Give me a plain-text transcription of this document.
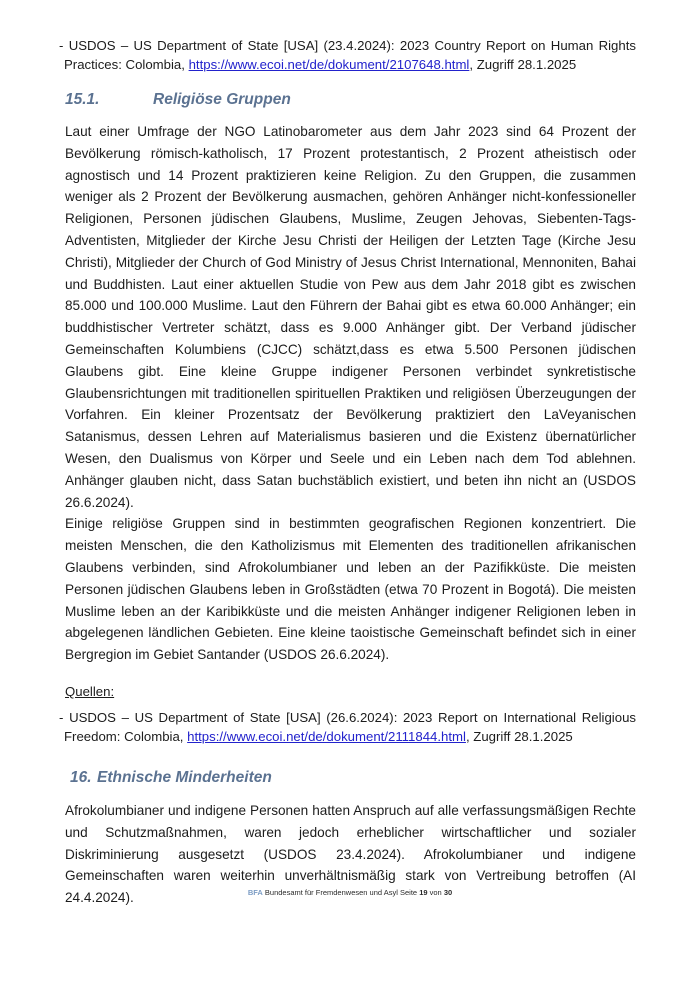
- USDOS – US Department of State [USA] (23.4.2024): 2023 Country Report on Human Rights Practices: Colombia, https://www.ecoi.net/de/dokument/2107648.html, Zugriff 28.1.2025

15.1.	Religiöse Gruppen

Laut einer Umfrage der NGO Latinobarometer aus dem Jahr 2023 sind 64 Prozent der Bevölkerung römisch-katholisch, 17 Prozent protestantisch, 2 Prozent atheistisch oder agnostisch und 14 Prozent praktizieren keine Religion. Zu den Gruppen, die zusammen weniger als 2 Prozent der Bevölkerung ausmachen, gehören Anhänger nicht-konfessioneller Religionen, Personen jüdischen Glaubens, Muslime, Zeugen Jehovas, Siebenten-Tags-Adventisten, Mitglieder der Kirche Jesu Christi der Heiligen der Letzten Tage (Kirche Jesu Christi), Mitglieder der Church of God Ministry of Jesus Christ International, Mennoniten, Bahai und Buddhisten. Laut einer aktuellen Studie von Pew aus dem Jahr 2018 gibt es zwischen 85.000 und 100.000 Muslime. Laut den Führern der Bahai gibt es etwa 60.000 Anhänger; ein buddhistischer Vertreter schätzt, dass es 9.000 Anhänger gibt. Der Verband jüdischer Gemeinschaften Kolumbiens (CJCC) schätzt,dass es etwa 5.500 Personen jüdischen Glaubens gibt. Eine kleine Gruppe indigener Personen verbindet synkretistische Glaubensrichtungen mit traditionellen spirituellen Praktiken und religiösen Überzeugungen der Vorfahren. Ein kleiner Prozentsatz der Bevölkerung praktiziert den LaVeyanischen Satanismus, dessen Lehren auf Materialismus basieren und die Existenz übernatürlicher Wesen, den Dualismus von Körper und Seele und ein Leben nach dem Tod ablehnen. Anhänger glauben nicht, dass Satan buchstäblich existiert, und beten ihn nicht an (USDOS 26.6.2024).

Einige religiöse Gruppen sind in bestimmten geografischen Regionen konzentriert. Die meisten Menschen, die den Katholizismus mit Elementen des traditionellen afrikanischen Glaubens verbinden, sind Afrokolumbianer und leben an der Pazifikküste. Die meisten Personen jüdischen Glaubens leben in Großstädten (etwa 70 Prozent in Bogotá). Die meisten Muslime leben an der Karibikküste und die meisten Anhänger indigener Religionen leben in abgelegenen ländlichen Gebieten. Eine kleine taoistische Gemeinschaft befindet sich in einer Bergregion im Gebiet Santander (USDOS 26.6.2024).

Quellen:

- USDOS – US Department of State [USA] (26.6.2024): 2023 Report on International Religious Freedom: Colombia, https://www.ecoi.net/de/dokument/2111844.html, Zugriff 28.1.2025

16. Ethnische Minderheiten

Afrokolumbianer und indigene Personen hatten Anspruch auf alle verfassungsmäßigen Rechte und Schutzmaßnahmen, waren jedoch erheblicher wirtschaftlicher und sozialer Diskriminierung ausgesetzt (USDOS 23.4.2024). Afrokolumbianer und indigene Gemeinschaften waren weiterhin unverhältnismäßig stark von Vertreibung betroffen (AI 24.4.2024).	BFA Bundesamt für Fremdenwesen und Asyl Seite 19 von 30
